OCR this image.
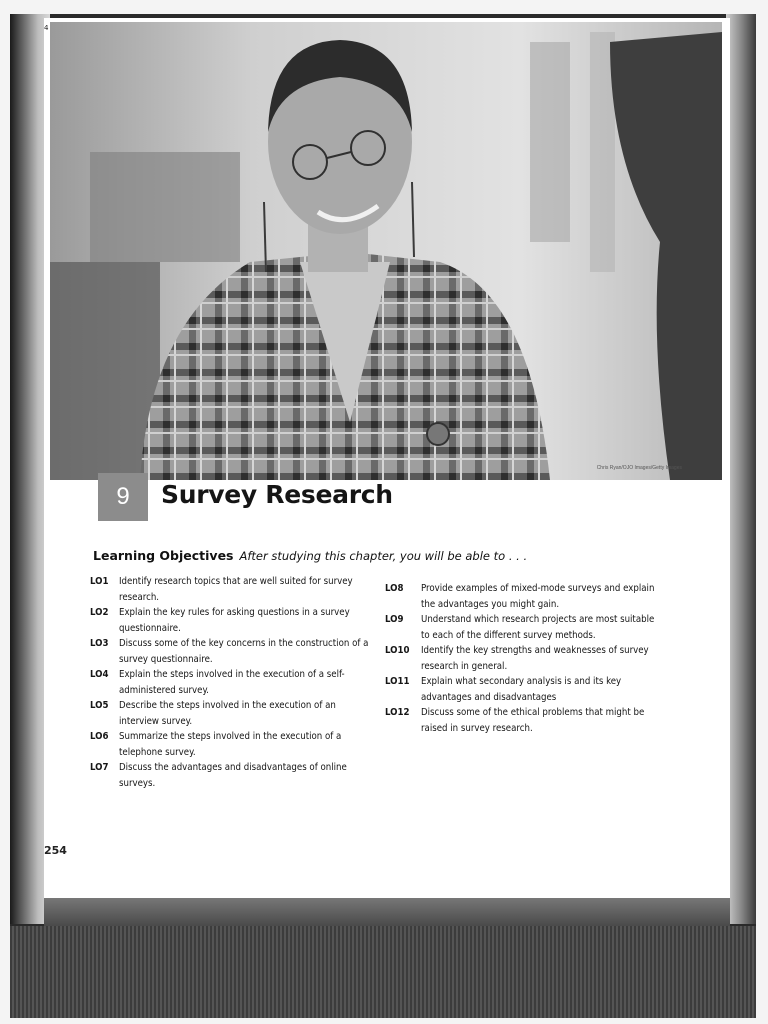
4
Chris Ryan/OJO Images/Getty Images
9	Survey Research
Learning Objectives After studying this chapter, you will be able to . . .
LO1	Identify research topics that are well suited for survey research.
LO2	Explain the key rules for asking questions in a survey questionnaire.
LO3	Discuss some of the key concerns in the construction of a survey questionnaire.
LO4	Explain the steps involved in the execution of a self-administered survey.
LO5	Describe the steps involved in the execution of an interview survey.
LO6	Summarize the steps involved in the execution of a telephone survey.
LO7	Discuss the advantages and disadvantages of online surveys.
LO8	Provide examples of mixed-mode surveys and explain the advantages you might gain.
LO9	Understand which research projects are most suitable to each of the different survey methods.
LO10	Identify the key strengths and weaknesses of survey research in general.
LO11	Explain what secondary analysis is and its key advantages and disadvantages
LO12	Discuss some of the ethical problems that might be raised in survey research.
254
